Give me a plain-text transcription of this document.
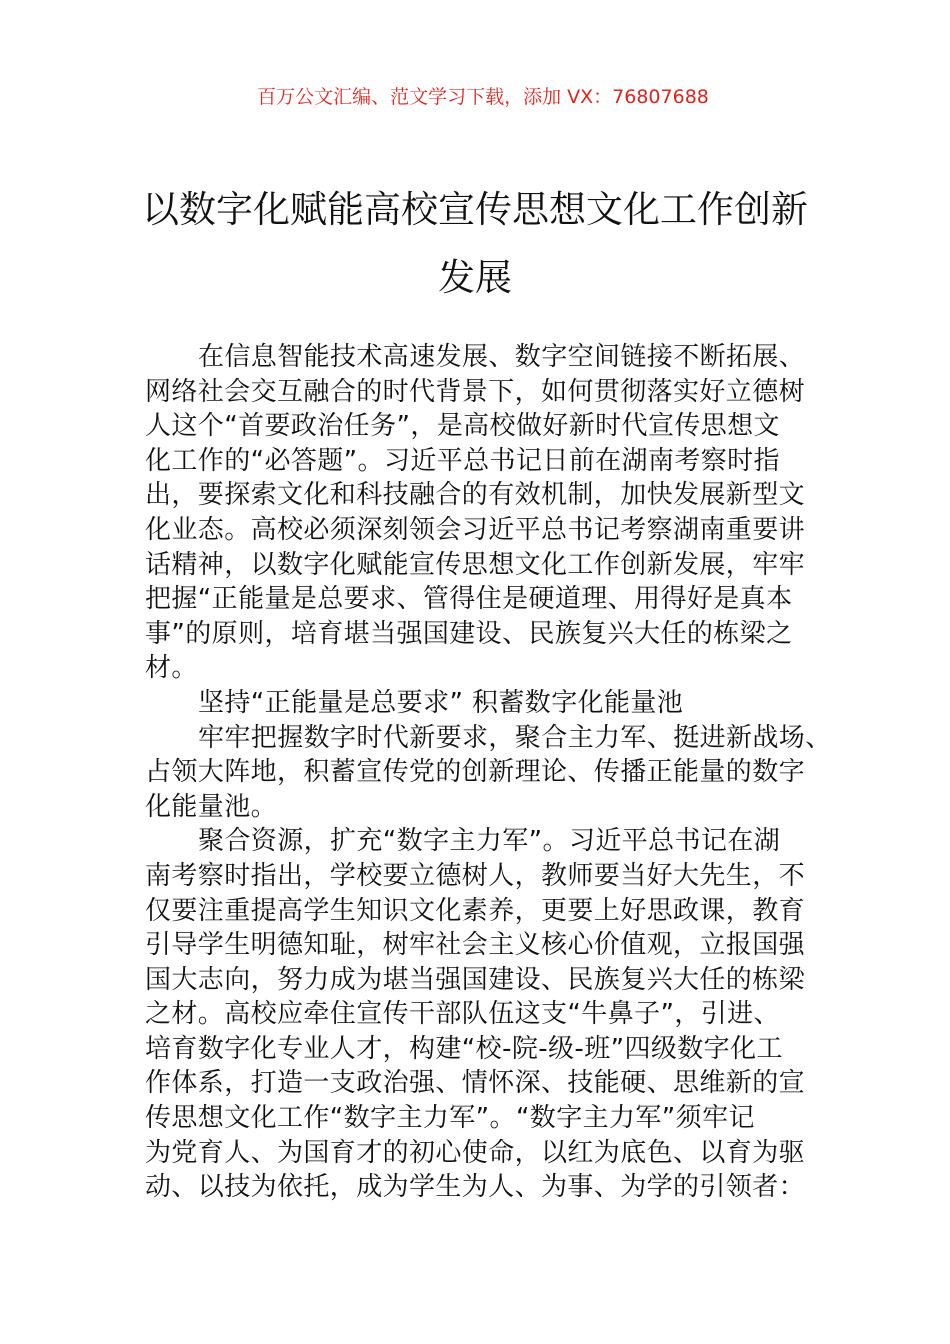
百万公文汇编、范文学习下载，添加 VX：76807688
以数字化赋能高校宣传思想文化工作创新
发展
在信息智能技术高速发展、数字空间链接不断拓展、
网络社会交互融合的时代背景下，如何贯彻落实好立德树
人这个“首要政治任务”，是高校做好新时代宣传思想文
化工作的“必答题”。习近平总书记日前在湖南考察时指
出，要探索文化和科技融合的有效机制，加快发展新型文
化业态。高校必须深刻领会习近平总书记考察湖南重要讲
话精神，以数字化赋能宣传思想文化工作创新发展，牢牢
把握“正能量是总要求、管得住是硬道理、用得好是真本
事”的原则，培育堪当强国建设、民族复兴大任的栋梁之
材。
坚持“正能量是总要求” 积蓄数字化能量池
牢牢把握数字时代新要求，聚合主力军、挺进新战场、
占领大阵地，积蓄宣传党的创新理论、传播正能量的数字
化能量池。
聚合资源，扩充“数字主力军”。习近平总书记在湖
南考察时指出，学校要立德树人，教师要当好大先生，不
仅要注重提高学生知识文化素养，更要上好思政课，教育
引导学生明德知耻，树牢社会主义核心价值观，立报国强
国大志向，努力成为堪当强国建设、民族复兴大任的栋梁
之材。高校应牵住宣传干部队伍这支“牛鼻子”，引进、
培育数字化专业人才，构建“校-院-级-班”四级数字化工
作体系，打造一支政治强、情怀深、技能硬、思维新的宣
传思想文化工作“数字主力军”。“数字主力军”须牢记
为党育人、为国育才的初心使命，以红为底色、以育为驱
动、以技为依托，成为学生为人、为事、为学的引领者：
